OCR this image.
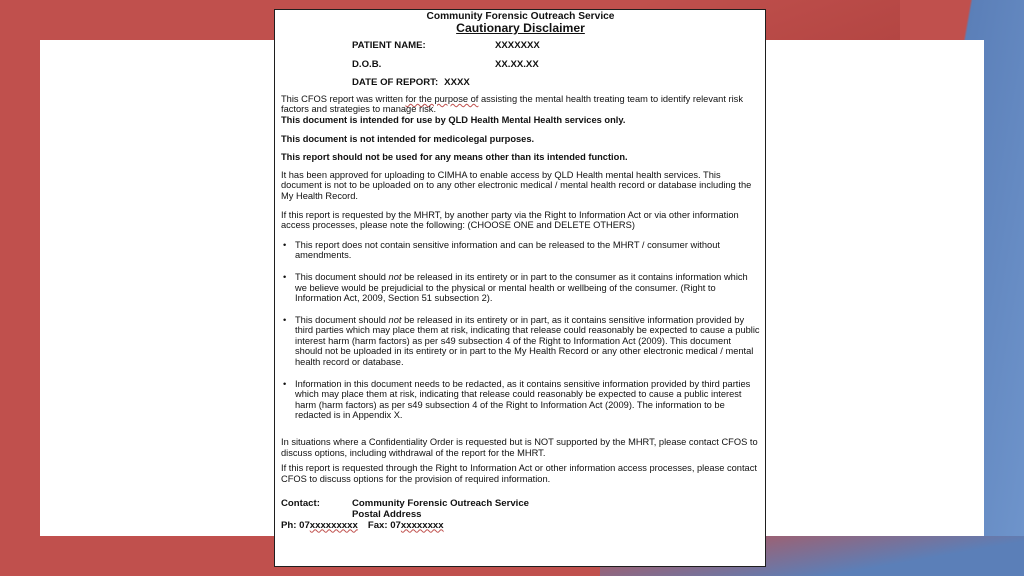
Community Forensic Outreach Service
Cautionary Disclaimer
PATIENT NAME:	XXXXXXX
D.O.B.	XX.XX.XX
DATE OF REPORT: XXXX

This CFOS report was written for the purpose of assisting the mental health treating team to identify relevant risk factors and strategies to manage risk.

This document is intended for use by QLD Health Mental Health services only.

This document is not intended for medicolegal purposes.

This report should not be used for any means other than its intended function.

It has been approved for uploading to CIMHA to enable access by QLD Health mental health services. This document is not to be uploaded on to any other electronic medical / mental health record or database including the My Health Record.

If this report is requested by the MHRT, by another party via the Right to Information Act or via other information access processes, please note the following: (CHOOSE ONE and DELETE OTHERS)

• This report does not contain sensitive information and can be released to the MHRT / consumer without amendments.
• This document should not be released in its entirety or in part to the consumer as it contains information which we believe would be prejudicial to the physical or mental health or wellbeing of the consumer. (Right to Information Act, 2009, Section 51 subsection 2).
• This document should not be released in its entirety or in part, as it contains sensitive information provided by third parties which may place them at risk, indicating that release could reasonably be expected to cause a public interest harm (harm factors) as per s49 subsection 4 of the Right to Information Act (2009). This document should not be uploaded in its entirety or in part to the My Health Record or any other electronic medical / mental health record or database.
• Information in this document needs to be redacted, as it contains sensitive information provided by third parties which may place them at risk, indicating that release could reasonably be expected to cause a public interest harm (harm factors) as per s49 subsection 4 of the Right to Information Act (2009). The information to be redacted is in Appendix X.

In situations where a Confidentiality Order is requested but is NOT supported by the MHRT, please contact CFOS to discuss options, including withdrawal of the report for the MHRT.

If this report is requested through the Right to Information Act or other information access processes, please contact CFOS to discuss options for the provision of required information.

Contact:	Community Forensic Outreach Service
Postal Address
Ph: 07 xxxxxxxxx	Fax: 07 xxxxxxxx
